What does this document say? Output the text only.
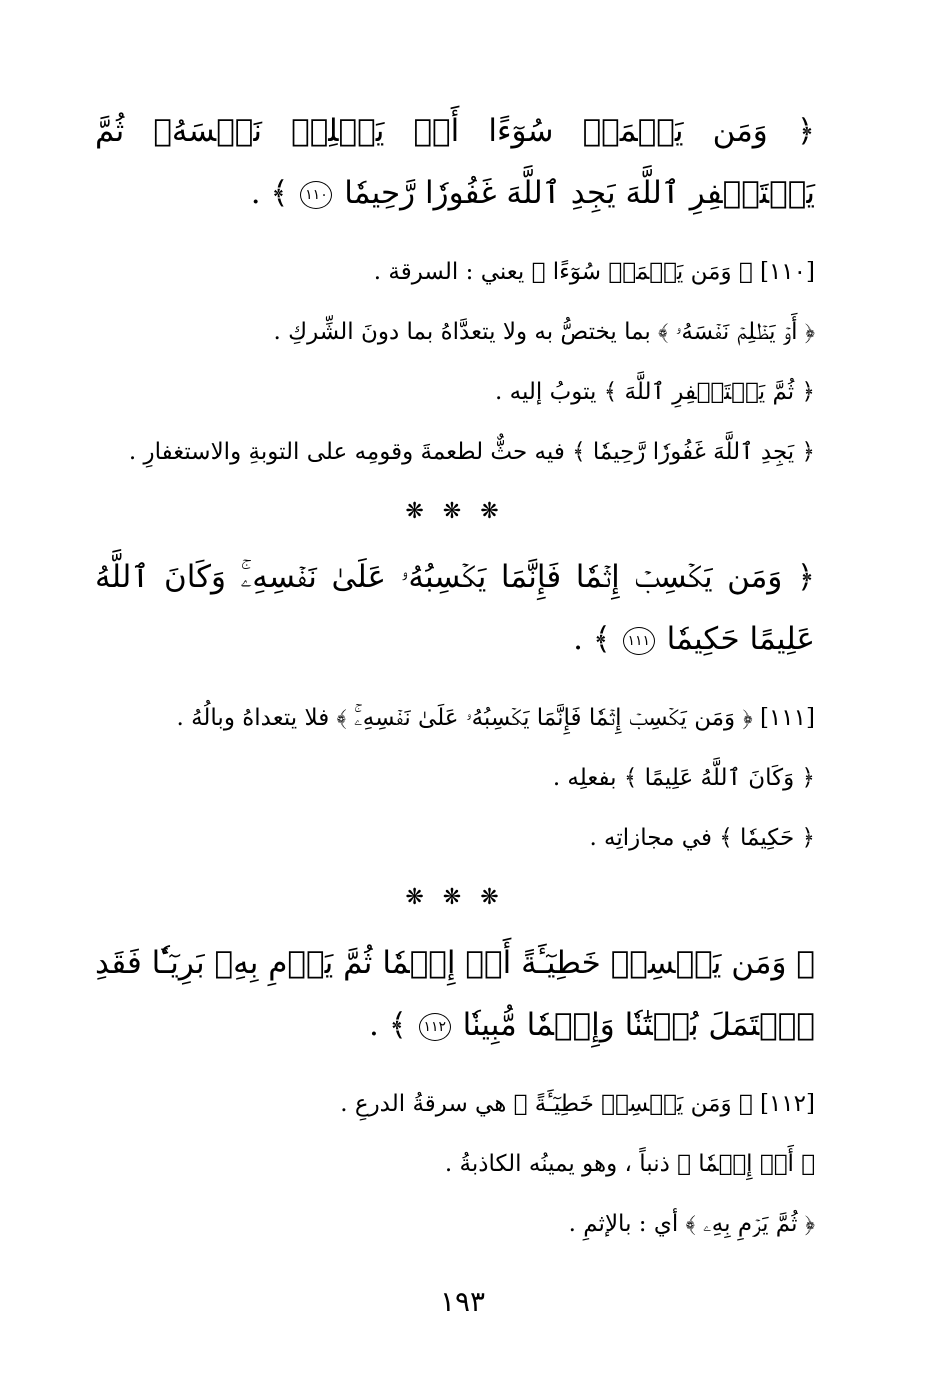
﴿ وَمَن يَعۡمَلۡ سُوٓءًا أَوۡ يَظۡلِمۡ نَفۡسَهُۥ ثُمَّ يَسۡتَغۡفِرِ ٱللَّهَ يَجِدِ ٱللَّهَ غَفُورٗا رَّحِيمٗا ١١٠ ﴾ .

[١١٠] ﴿ وَمَن يَعۡمَلۡ سُوٓءًا ﴾ يعني : السرقة .

﴿ أَوۡ يَظۡلِمۡ نَفۡسَهُۥ ﴾ بما يختصُّ به ولا يتعدَّاهُ بما دونَ الشِّركِ .

﴿ ثُمَّ يَسۡتَغۡفِرِ ٱللَّهَ ﴾ يتوبُ إليه .

﴿ يَجِدِ ٱللَّهَ غَفُورٗا رَّحِيمٗا ﴾ فيه حثٌّ لطعمةَ وقومِه على التوبةِ والاستغفارِ .

❋ ❋ ❋

﴿ وَمَن يَكۡسِبۡ إِثۡمٗا فَإِنَّمَا يَكۡسِبُهُۥ عَلَىٰ نَفۡسِهِۦۚ وَكَانَ ٱللَّهُ عَلِيمًا حَكِيمٗا ١١١ ﴾ .

[١١١] ﴿ وَمَن يَكۡسِبۡ إِثۡمٗا فَإِنَّمَا يَكۡسِبُهُۥ عَلَىٰ نَفۡسِهِۦۚ ﴾ فلا يتعداهُ وبالُهُ .

﴿ وَكَانَ ٱللَّهُ عَلِيمًا ﴾ بفعلِه .

﴿ حَكِيمٗا ﴾ في مجازاتِه .

❋ ❋ ❋

﴿ وَمَن يَكۡسِبۡ خَطِيٓـَٔةً أَوۡ إِثۡمٗا ثُمَّ يَرۡمِ بِهِۦ بَرِيٓـٔٗا فَقَدِ ٱحۡتَمَلَ بُهۡتَٰنٗا وَإِثۡمٗا مُّبِينٗا ١١٢ ﴾ .

[١١٢] ﴿ وَمَن يَكۡسِبۡ خَطِيٓـَٔةً ﴾ هي سرقةُ الدرعِ .

﴿ أَوۡ إِثۡمٗا ﴾ ذنباً ، وهو يمينُه الكاذبةُ .

﴿ ثُمَّ يَرۡمِ بِهِۦ ﴾ أي : بالإثمِ .

١٩٣
